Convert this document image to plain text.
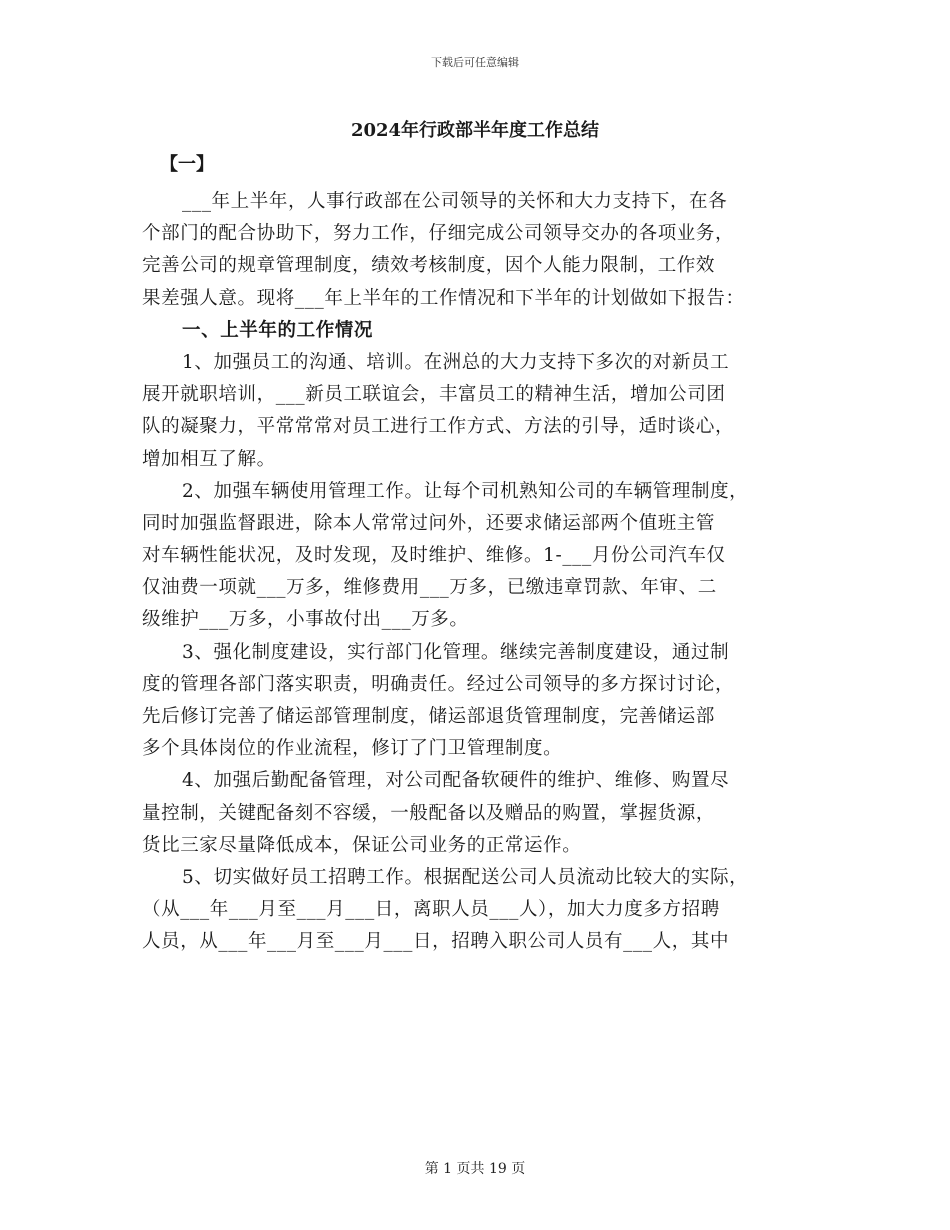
下载后可任意编辑
2024年行政部半年度工作总结
【一】
___年上半年，人事行政部在公司领导的关怀和大力支持下，在各
个部门的配合协助下，努力工作，仔细完成公司领导交办的各项业务，
完善公司的规章管理制度，绩效考核制度，因个人能力限制，工作效
果差强人意。现将___年上半年的工作情况和下半年的计划做如下报告：
一、上半年的工作情况
1、加强员工的沟通、培训。在洲总的大力支持下多次的对新员工
展开就职培训，___新员工联谊会，丰富员工的精神生活，增加公司团
队的凝聚力，平常常常对员工进行工作方式、方法的引导，适时谈心，
增加相互了解。
2、加强车辆使用管理工作。让每个司机熟知公司的车辆管理制度，
同时加强监督跟进，除本人常常过问外，还要求储运部两个值班主管
对车辆性能状况，及时发现，及时维护、维修。1-___月份公司汽车仅
仅油费一项就___万多，维修费用___万多，已缴违章罚款、年审、二
级维护___万多，小事故付出___万多。
3、强化制度建设，实行部门化管理。继续完善制度建设，通过制
度的管理各部门落实职责，明确责任。经过公司领导的多方探讨讨论，
先后修订完善了储运部管理制度，储运部退货管理制度，完善储运部
多个具体岗位的作业流程，修订了门卫管理制度。
4、加强后勤配备管理，对公司配备软硬件的维护、维修、购置尽
量控制，关键配备刻不容缓，一般配备以及赠品的购置，掌握货源，
货比三家尽量降低成本，保证公司业务的正常运作。
5、切实做好员工招聘工作。根据配送公司人员流动比较大的实际，
（从___年___月至___月___日，离职人员___人），加大力度多方招聘
人员，从___年___月至___月___日，招聘入职公司人员有___人，其中
第 1 页共 19 页
